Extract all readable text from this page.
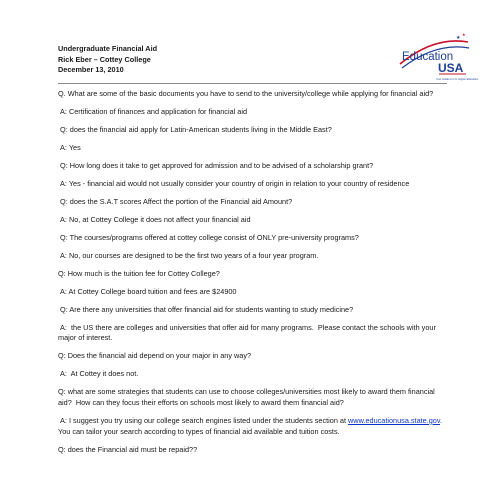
Undergraduate Financial Aid
Rick Eber – Cottey College
December 13, 2010
★
★
Education
USA
Your Guide to U.S. Higher Education

Q. What are some of the basic documents you have to send to the university/college while applying for financial aid?

A: Certification of finances and application for financial aid

Q: does the financial aid apply for Latin-American students living in the Middle East?

A: Yes

Q: How long does it take to get approved for admission and to be advised of a scholarship grant?

A: Yes - financial aid would not usually consider your country of origin in relation to your country of residence

Q: does the S.A.T scores Affect the portion of the Financial aid Amount?

A: No, at Cottey College it does not affect your financial aid

Q: The courses/programs offered at cottey college consist of ONLY pre-university programs?

A: No, our courses are designed to be the first two years of a four year program.

Q: How much is the tuition fee for Cottey College?

A: At Cottey College board tuition and fees are $24900

Q: Are there any universities that offer financial aid for students wanting to study medicine?

A:  the US there are colleges and universities that offer aid for many programs.  Please contact the schools with your major of interest.

Q: Does the financial aid depend on your major in any way?

A:  At Cottey it does not.

Q: what are some strategies that students can use to choose colleges/universities most likely to award them financial aid?  How can they focus their efforts on schools most likely to award them financial aid?

A: I suggest you try using our college search engines listed under the students section at www.educationusa.state.gov.  You can tailor your search according to types of financial aid available and tuition costs.

Q: does the Financial aid must be repaid??
